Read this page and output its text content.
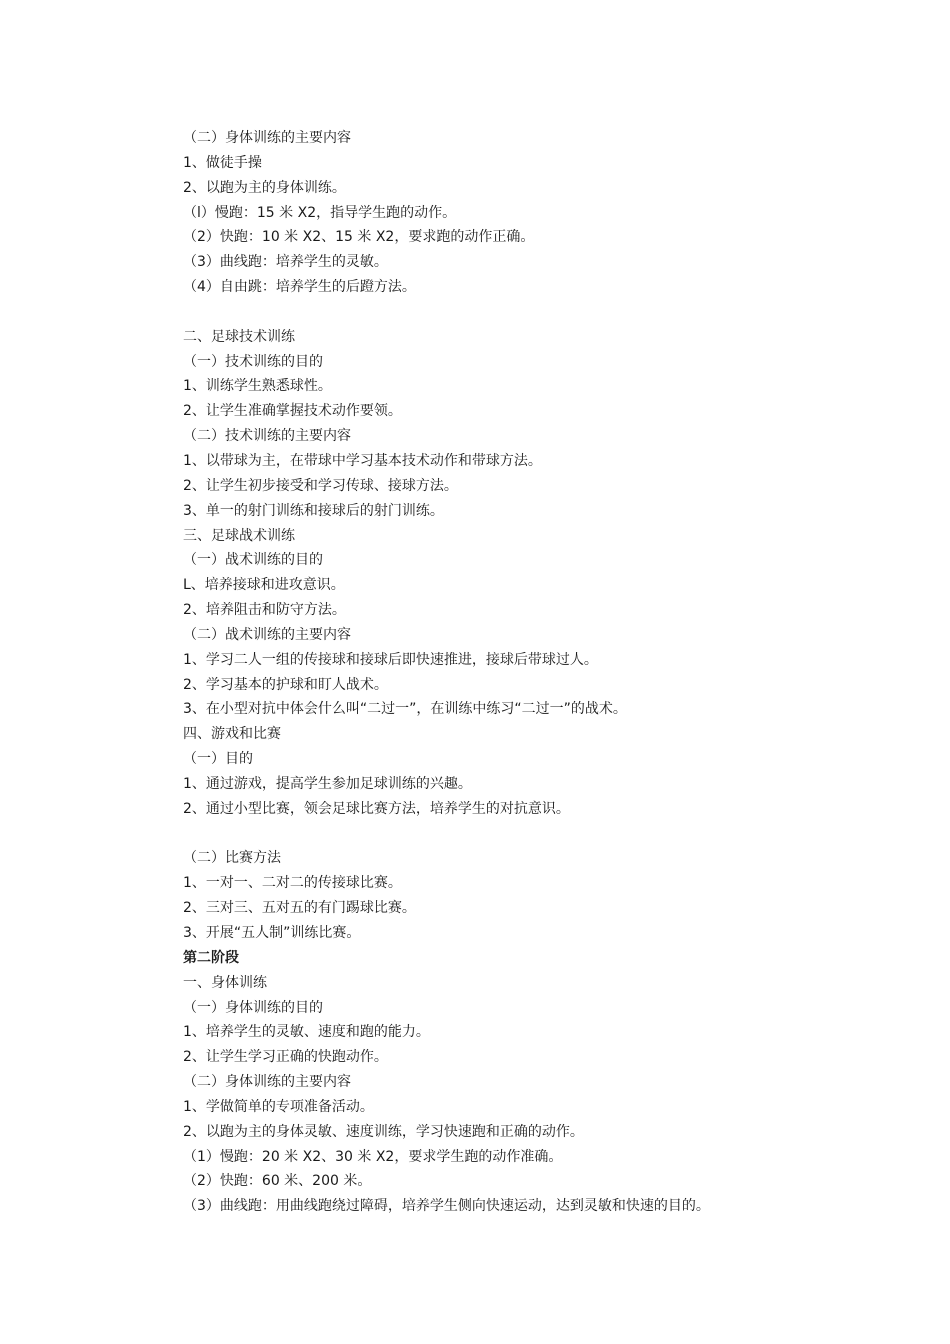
（二）身体训练的主要内容

1、做徒手操

2、以跑为主的身体训练。

（l）慢跑：15 米 X2，指导学生跑的动作。

（2）快跑：10 米 X2、15 米 X2，要求跑的动作正确。

（3）曲线跑：培养学生的灵敏。

（4）自由跳：培养学生的后蹬方法。

二、足球技术训练

（一）技术训练的目的

1、训练学生熟悉球性。

2、让学生准确掌握技术动作要领。

（二）技术训练的主要内容

1、以带球为主，在带球中学习基本技术动作和带球方法。

2、让学生初步接受和学习传球、接球方法。

3、单一的射门训练和接球后的射门训练。

三、足球战术训练

（一）战术训练的目的

L、培养接球和进攻意识。

2、培养阻击和防守方法。

（二）战术训练的主要内容

1、学习二人一组的传接球和接球后即快速推进，接球后带球过人。

2、学习基本的护球和盯人战术。

3、在小型对抗中体会什么叫“二过一”，在训练中练习“二过一”的战术。

四、游戏和比赛

（一）目的

1、通过游戏，提高学生参加足球训练的兴趣。

2、通过小型比赛，领会足球比赛方法，培养学生的对抗意识。

（二）比赛方法

1、一对一、二对二的传接球比赛。

2、三对三、五对五的有门踢球比赛。

3、开展“五人制”训练比赛。

第二阶段

一、身体训练

（一）身体训练的目的

1、培养学生的灵敏、速度和跑的能力。

2、让学生学习正确的快跑动作。

（二）身体训练的主要内容

1、学做简单的专项准备活动。

2、以跑为主的身体灵敏、速度训练，学习快速跑和正确的动作。

（1）慢跑：20 米 X2、30 米 X2，要求学生跑的动作准确。

（2）快跑：60 米、200 米。

（3）曲线跑：用曲线跑绕过障碍，培养学生侧向快速运动，达到灵敏和快速的目的。
